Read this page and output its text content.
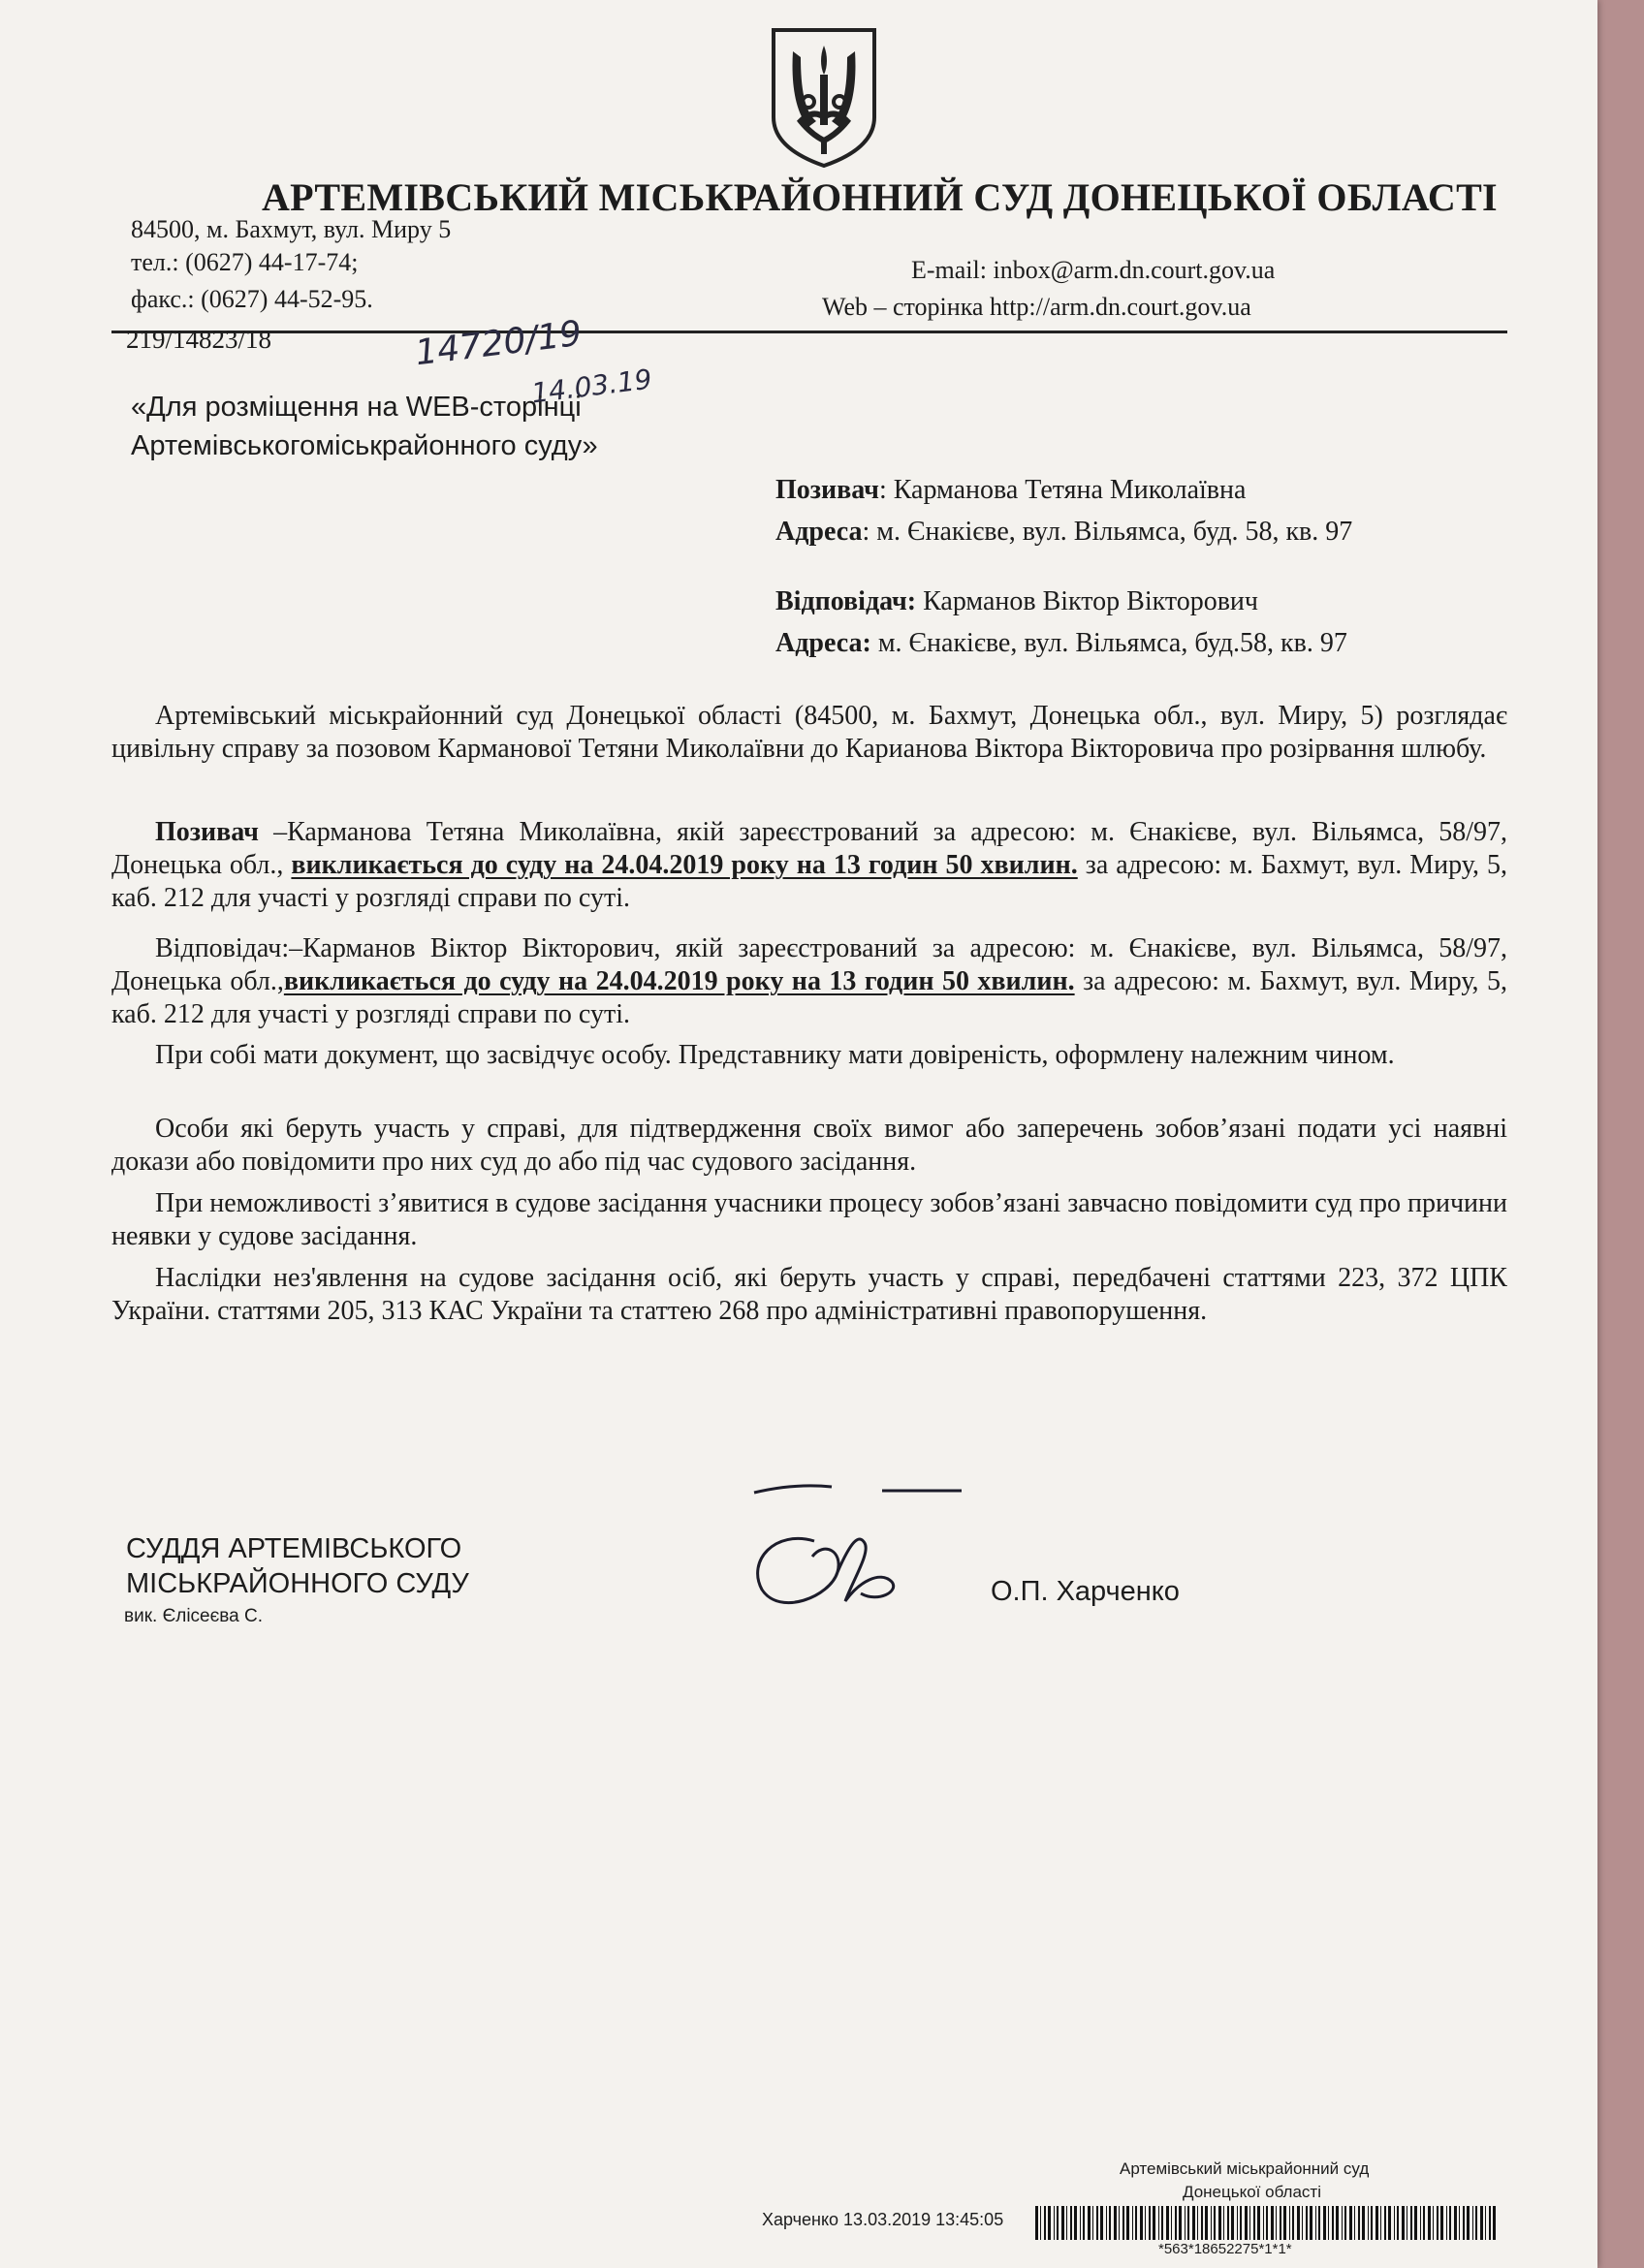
АРТЕМІВСЬКИЙ МІСЬКРАЙОННИЙ СУД ДОНЕЦЬКОЇ ОБЛАСТІ
84500, м. Бахмут, вул. Миру 5
тел.: (0627) 44-17-74;
факс.: (0627) 44-52-95.
E-mail: inbox@arm.dn.court.gov.ua
Web – сторінка http://arm.dn.court.gov.ua
219/14823/18	14720/19
14.03.19
«Для розміщення на WEB-сторінці
Артемівськогоміськрайонного суду»
Позивач: Карманова Тетяна Миколаївна
Адреса: м. Єнакієве, вул. Вільямса, буд. 58, кв. 97
Відповідач: Карманов Віктор Вікторович
Адреса: м. Єнакієве, вул. Вільямса, буд.58, кв. 97
Артемівський міськрайонний суд Донецької області (84500, м. Бахмут, Донецька обл., вул. Миру, 5) розглядає цивільну справу за позовом Карманової Тетяни Миколаївни до Карианова Віктора Вікторовича про розірвання шлюбу.
Позивач –Карманова Тетяна Миколаївна, якій зареєстрований за адресою: м. Єнакієве, вул. Вільямса, 58/97, Донецька обл., викликається до суду на 24.04.2019 року на 13 годин 50 хвилин. за адресою: м. Бахмут, вул. Миру, 5, каб. 212 для участі у розгляді справи по суті.
Відповідач:–Карманов Віктор Вікторович, якій зареєстрований за адресою: м. Єнакієве, вул. Вільямса, 58/97, Донецька обл.,викликається до суду на 24.04.2019 року на 13 годин 50 хвилин. за адресою: м. Бахмут, вул. Миру, 5, каб. 212 для участі у розгляді справи по суті.
При собі мати документ, що засвідчує особу. Представнику мати довіреність, оформлену належним чином.
Особи які беруть участь у справі, для підтвердження своїх вимог або заперечень зобов’язані подати усі наявні докази або повідомити про них суд до або під час судового засідання.
При неможливості з’явитися в судове засідання учасники процесу зобов’язані завчасно повідомити суд про причини неявки у судове засідання.
Наслідки нез'явлення на судове засідання осіб, які беруть участь у справі, передбачені статтями 223, 372 ЦПК України. статтями 205, 313 КАС України та статтею 268 про адміністративні правопорушення.
СУДДЯ АРТЕМІВСЬКОГО
МІСЬКРАЙОННОГО СУДУ
вик. Єлісеєва С.
О.П. Харченко
Артемівський міськрайонний суд
Донецької області
Харченко 13.03.2019 13:45:05
*563*18652275*1*1*
